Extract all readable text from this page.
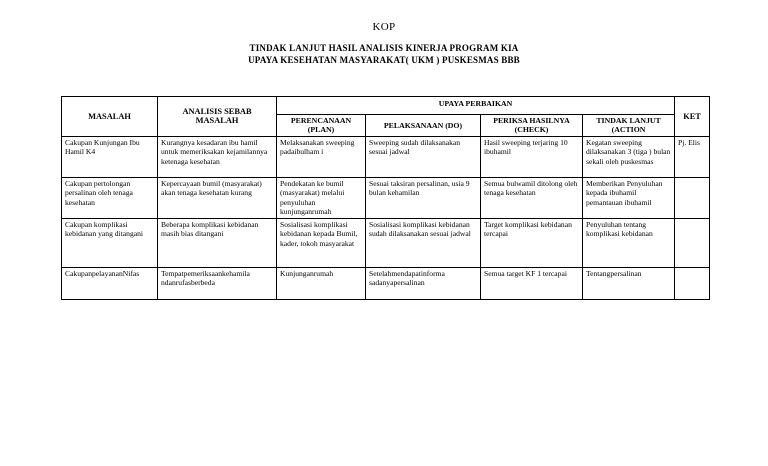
KOP
TINDAK LANJUT HASIL ANALISIS KINERJA PROGRAM KIA
UPAYA KESEHATAN MASYARAKAT( UKM ) PUSKESMAS BBB
MASALAH	ANALISIS SEBAB MASALAH	UPAYA PERBAIKAN				KET
		PERENCANAAN (PLAN)	PELAKSANAAN (DO)	PERIKSA HASILNYA (CHECK)	TINDAK LANJUT (ACTION	
Cakupan Kunjungan Ibu Hamil K4	Kurangnya kesadaran ibu hamil untuk memeriksakan kejamilannya ketenaga kesehatan	Melaksanakan sweeping padaibulham i	Sweeping sudah dilaksanakan sesuai jadwal	Hasil sweeping terjaring 10 ibuhamil	Kegatan sweeping dilaksanakan 3 (tiga ) bulan sekali oleh puskesmas	Pj. Elis
Cakupan pertolongan persalinan oleh tenaga kesehatan	Kepercayaan bumil (masyarakat) akan tenaga kesehatan kurang	Pendekatan ke bumil (masyarakat) melalui penyuluhan kunjunganrumah	Sesuai taksiran persalinan, usia 9 bulan kehamilan	Semua bulwamil ditolong oleh tenaga kesehatan	Memberikan Penyuluhan kepada ibuhamil pemantauan ibuhamil	
Cakupan komplikasi kebidanan yang ditangani	Beberapa komplikasi kebidanan masih bias ditangani	Sosialisasi komplikasi kebidanan kepada Bumil, kader, tokoh masyarakat	Sosialisasi komplikasi kebidanan sudah dilaksanakan sesuai jadwal	Target komplikasi kebidanan tercapai	Penyuluhan tentang komplikasi kebidanan	
CakupanpelayananNifas	Tempatpemeriksaankehamila ndanrufasberbeda	Kunjunganrumah	Setelahmendapatinforma sadanyapersalinan	Semua target KF 1 tercapai	Tentangpersalinan	
